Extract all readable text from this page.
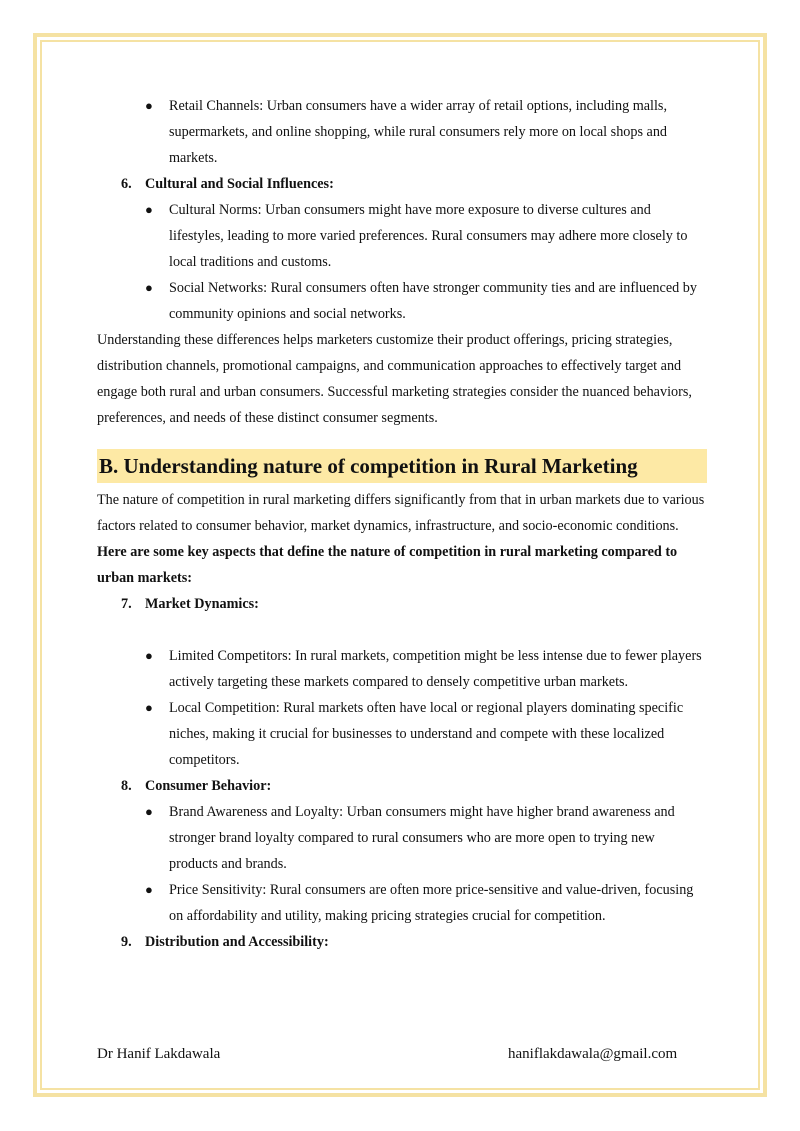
● Retail Channels: Urban consumers have a wider array of retail options, including malls, supermarkets, and online shopping, while rural consumers rely more on local shops and markets.

6. Cultural and Social Influences:
● Cultural Norms: Urban consumers might have more exposure to diverse cultures and lifestyles, leading to more varied preferences. Rural consumers may adhere more closely to local traditions and customs.

● Social Networks: Rural consumers often have stronger community ties and are influenced by community opinions and social networks.

Understanding these differences helps marketers customize their product offerings, pricing strategies, distribution channels, promotional campaigns, and communication approaches to effectively target and engage both rural and urban consumers. Successful marketing strategies consider the nuanced behaviors, preferences, and needs of these distinct consumer segments.

B. Understanding nature of competition in Rural Marketing

The nature of competition in rural marketing differs significantly from that in urban markets due to various factors related to consumer behavior, market dynamics, infrastructure, and socio-economic conditions.

Here are some key aspects that define the nature of competition in rural marketing compared to urban markets:

7. Market Dynamics:
● Limited Competitors: In rural markets, competition might be less intense due to fewer players actively targeting these markets compared to densely competitive urban markets.

● Local Competition: Rural markets often have local or regional players dominating specific niches, making it crucial for businesses to understand and compete with these localized competitors.

8. Consumer Behavior:
● Brand Awareness and Loyalty: Urban consumers might have higher brand awareness and stronger brand loyalty compared to rural consumers who are more open to trying new products and brands.

● Price Sensitivity: Rural consumers are often more price-sensitive and value-driven, focusing on affordability and utility, making pricing strategies crucial for competition.

9. Distribution and Accessibility:
Dr Hanif Lakdawala	haniflakdawala@gmail.com
